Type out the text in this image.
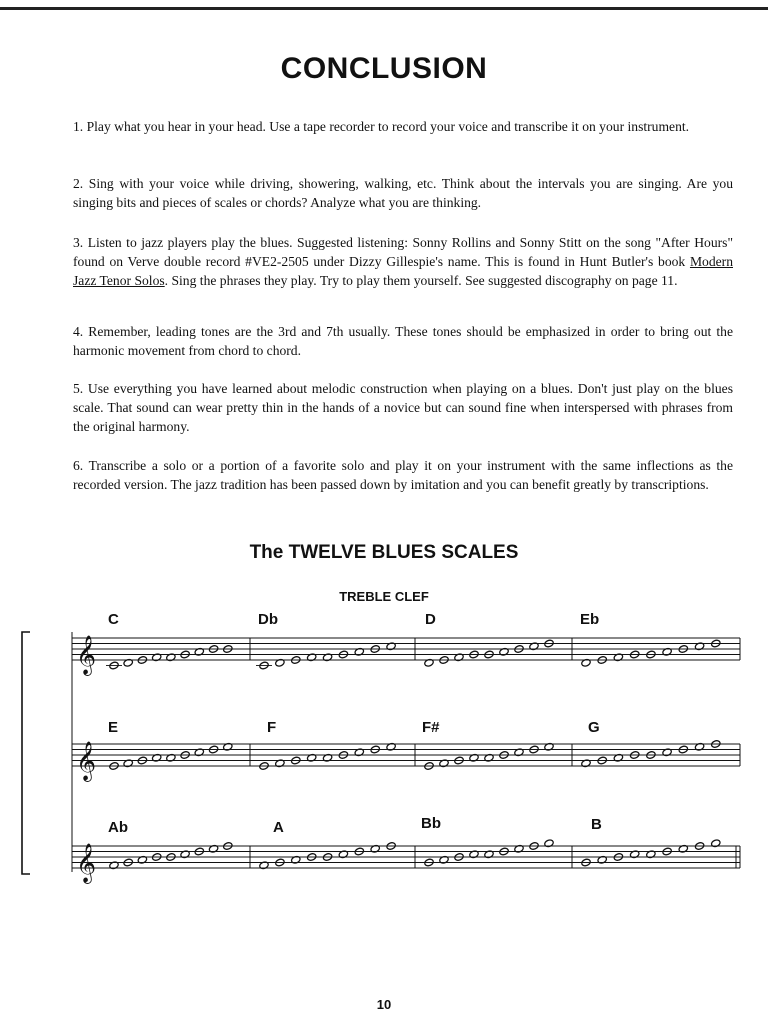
CONCLUSION
1. Play what you hear in your head. Use a tape recorder to record your voice and transcribe it on your instrument.
2. Sing with your voice while driving, showering, walking, etc. Think about the intervals you are singing. Are you singing bits and pieces of scales or chords? Analyze what you are thinking.
3. Listen to jazz players play the blues. Suggested listening: Sonny Rollins and Sonny Stitt on the song "After Hours" found on Verve double record #VE2-2505 under Dizzy Gillespie's name. This is found in Hunt Butler's book Modern Jazz Tenor Solos. Sing the phrases they play. Try to play them yourself. See suggested discography on page 11.
4. Remember, leading tones are the 3rd and 7th usually. These tones should be emphasized in order to bring out the harmonic movement from chord to chord.
5. Use everything you have learned about melodic construction when playing on a blues. Don't just play on the blues scale. That sound can wear pretty thin in the hands of a novice but can sound fine when interspersed with phrases from the original harmony.
6. Transcribe a solo or a portion of a favorite solo and play it on your instrument with the same inflections as the recorded version. The jazz tradition has been passed down by imitation and you can benefit greatly by transcriptions.
The TWELVE BLUES SCALES
TREBLE CLEF
C	Db	D	Eb
E	F	F#	G
Ab	A	Bb	B
𝄞
𝄞
𝄞
10
